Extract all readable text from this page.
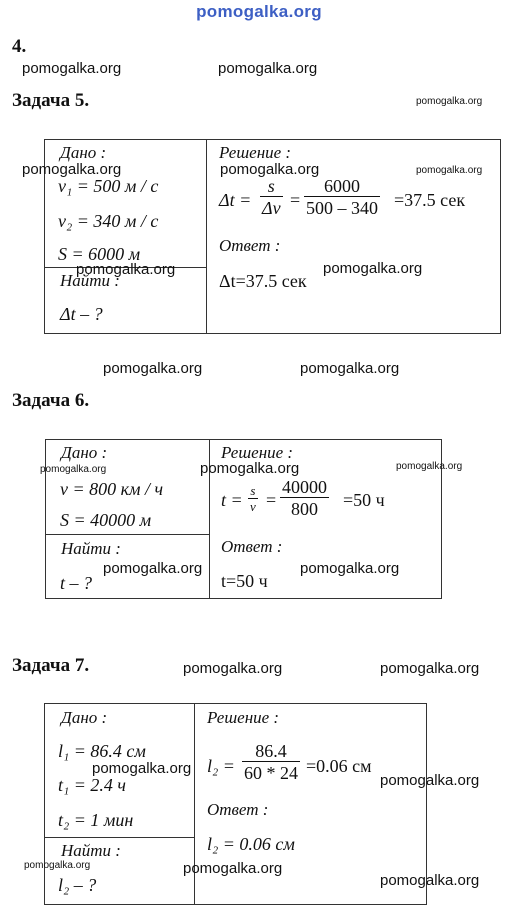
pomogalka.org
4.
pomogalka.org	pomogalka.org
pomogalka.org
Задача 5.
Дано :
v₁ = 500 м / с
v₂ = 340 м / с
S = 6000 м
Найти :
Δt – ?
Решение :
Δt =
s
Δv =
6000
500 – 340 =37.5 сек
Ответ :
Δt=37.5 сек
pomogalka.org	pomogalka.org	pomogalka.org
pomogalka.org	pomogalka.org
pomogalka.org	pomogalka.org
Задача 6.
Дано :
v = 800 км / ч
S = 40000 м
Найти :
t – ?
Решение :
t = s
v =
40000
800 =50 ч
Ответ :
t=50 ч
pomogalka.org	pomogalka.org	pomogalka.org
pomogalka.org	pomogalka.org
Задача 7.	pomogalka.org	pomogalka.org
Дано :
l₁ = 86.4 см
t₁ = 2.4 ч
t₂ = 1 мин
Найти :
l₂ – ?
Решение :
l₂ =
86.4
60 * 24 =0.06 см
Ответ :
l₂ = 0.06 см
pomogalka.org
pomogalka.org
pomogalka.org	pomogalka.org
pomogalka.org
